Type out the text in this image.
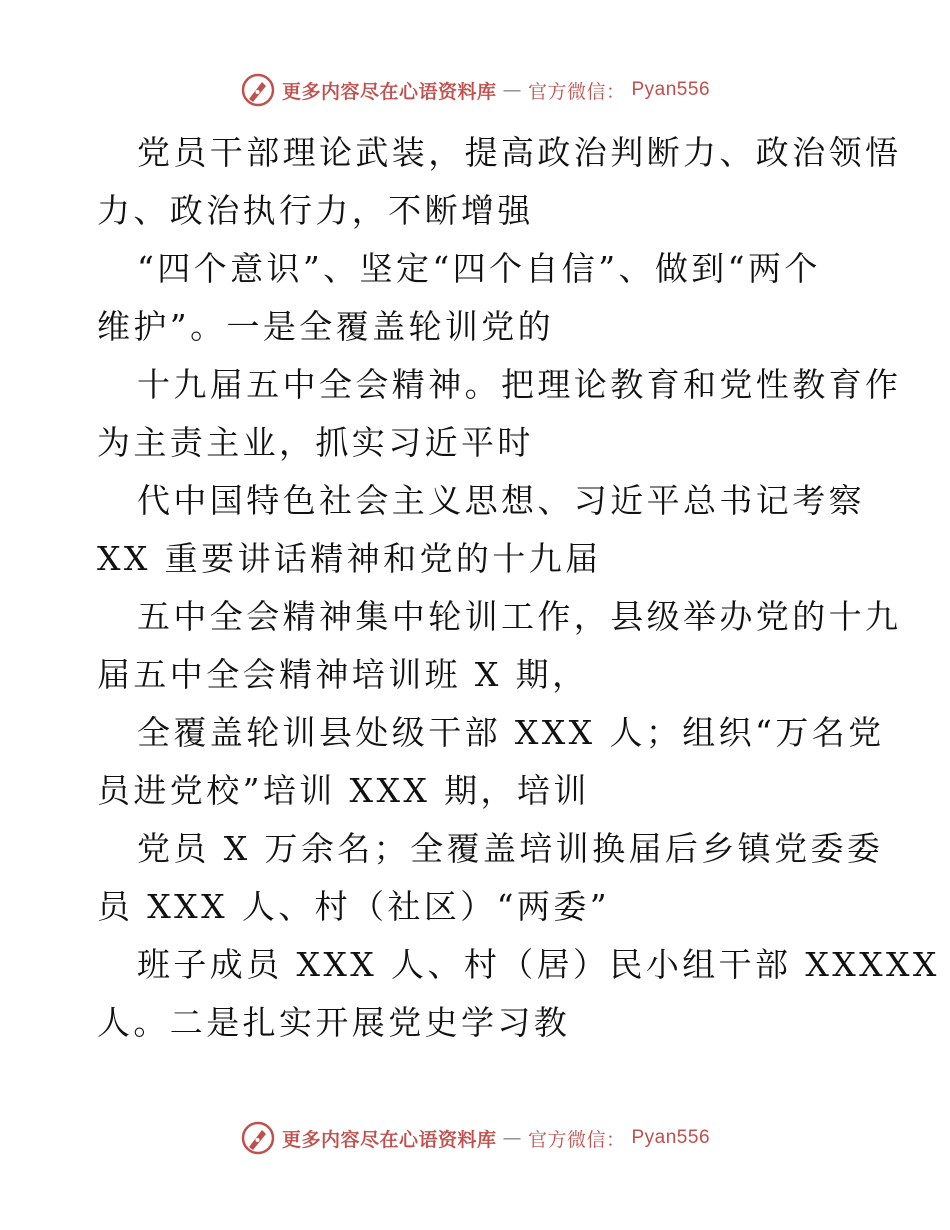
更多内容尽在心语资料库 — 官方微信： Pyan556
党员干部理论武装，提高政治判断力、政治领悟
力、政治执行力，不断增强
“四个意识”、坚定“四个自信”、做到“两个
维护”。一是全覆盖轮训党的
十九届五中全会精神。把理论教育和党性教育作
为主责主业，抓实习近平时
代中国特色社会主义思想、习近平总书记考察
XX 重要讲话精神和党的十九届
五中全会精神集中轮训工作，县级举办党的十九
届五中全会精神培训班 X 期，
全覆盖轮训县处级干部 XXX 人；组织“万名党
员进党校”培训 XXX 期，培训
党员 X 万余名；全覆盖培训换届后乡镇党委委
员 XXX 人、村（社区）“两委”
班子成员 XXX 人、村（居）民小组干部 XXXXX
人。二是扎实开展党史学习教
更多内容尽在心语资料库 — 官方微信： Pyan556
